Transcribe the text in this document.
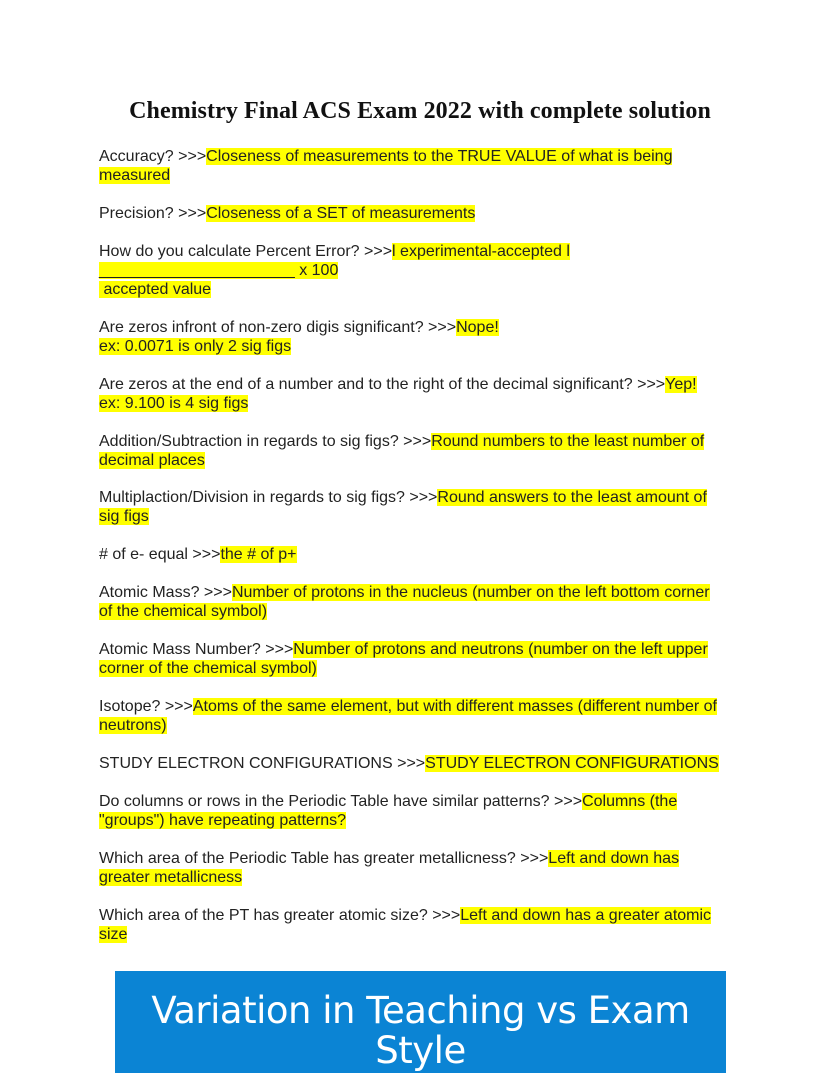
Chemistry Final ACS Exam 2022 with complete solution
Accuracy? >>>Closeness of measurements to the TRUE VALUE of what is being
measured
Precision? >>>Closeness of a SET of measurements
How do you calculate Percent Error? >>>l experimental-accepted l
______________________ x 100
accepted value
Are zeros infront of non-zero digis significant? >>>Nope!
ex: 0.0071 is only 2 sig figs
Are zeros at the end of a number and to the right of the decimal significant? >>>Yep!
ex: 9.100 is 4 sig figs
Addition/Subtraction in regards to sig figs? >>>Round numbers to the least number of
decimal places
Multiplaction/Division in regards to sig figs? >>>Round answers to the least amount of
sig figs
# of e- equal >>>the # of p+
Atomic Mass? >>>Number of protons in the nucleus (number on the left bottom corner
of the chemical symbol)
Atomic Mass Number? >>>Number of protons and neutrons (number on the left upper
corner of the chemical symbol)
Isotope? >>>Atoms of the same element, but with different masses (different number of
neutrons)
STUDY ELECTRON CONFIGURATIONS >>>STUDY ELECTRON CONFIGURATIONS
Do columns or rows in the Periodic Table have similar patterns? >>>Columns (the
"groups") have repeating patterns?
Which area of the Periodic Table has greater metallicness? >>>Left and down has
greater metallicness
Which area of the PT has greater atomic size? >>>Left and down has a greater atomic
size
Variation in Teaching vs Exam
Style
